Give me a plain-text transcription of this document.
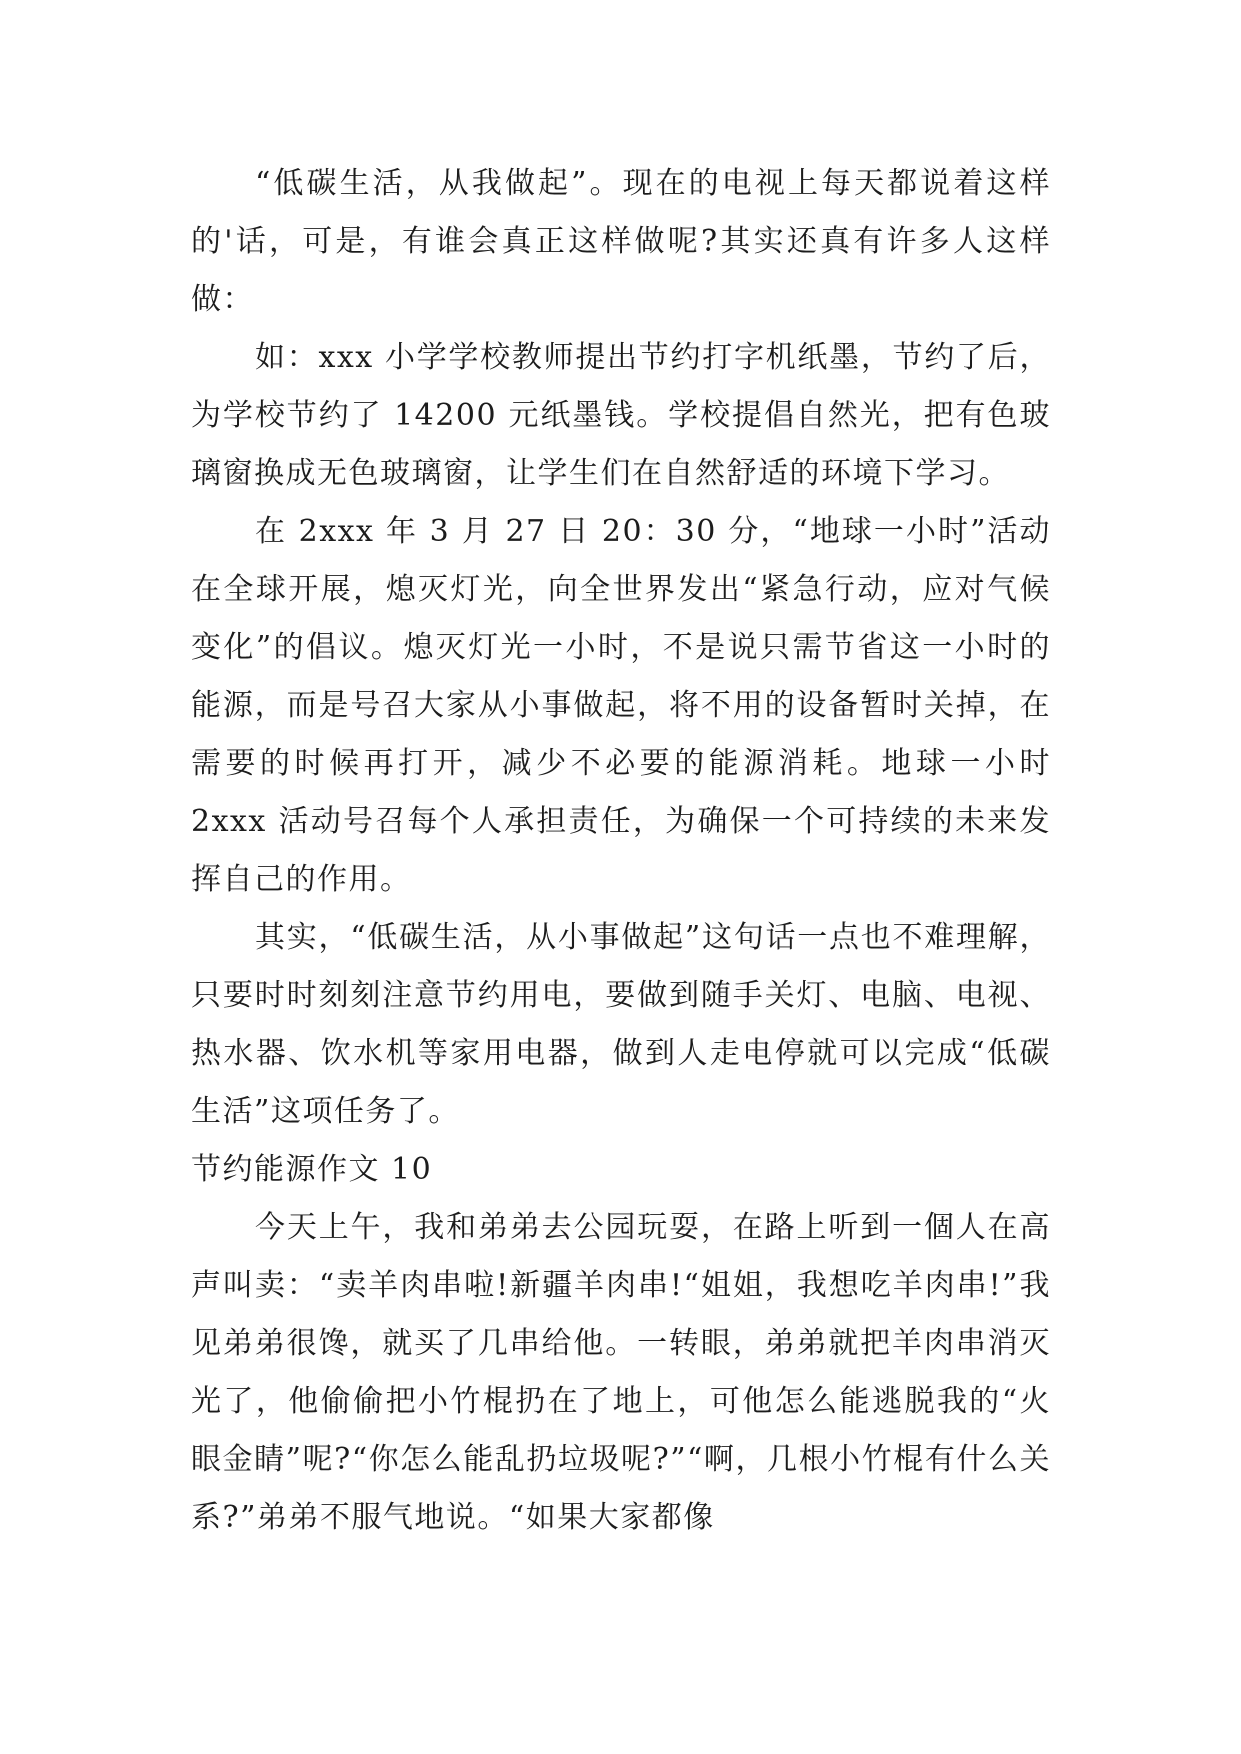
“低碳生活，从我做起”。现在的电视上每天都说着这样的'话，可是，有谁会真正这样做呢?其实还真有许多人这样做：

如：xxx 小学学校教师提出节约打字机纸墨，节约了后，为学校节约了 14200 元纸墨钱。学校提倡自然光，把有色玻璃窗换成无色玻璃窗，让学生们在自然舒适的环境下学习。

在 2xxx 年 3 月 27 日 20：30 分，“地球一小时”活动在全球开展，熄灭灯光，向全世界发出“紧急行动，应对气候变化”的倡议。熄灭灯光一小时，不是说只需节省这一小时的能源，而是号召大家从小事做起，将不用的设备暂时关掉，在需要的时候再打开，减少不必要的能源消耗。地球一小时 2xxx 活动号召每个人承担责任，为确保一个可持续的未来发挥自己的作用。

其实，“低碳生活，从小事做起”这句话一点也不难理解，只要时时刻刻注意节约用电，要做到随手关灯、电脑、电视、热水器、饮水机等家用电器，做到人走电停就可以完成“低碳生活”这项任务了。

节约能源作文 10

今天上午，我和弟弟去公园玩耍，在路上听到一個人在高声叫卖：“卖羊肉串啦!新疆羊肉串!“姐姐，我想吃羊肉串!”我见弟弟很馋，就买了几串给他。一转眼，弟弟就把羊肉串消灭光了，他偷偷把小竹棍扔在了地上，可他怎么能逃脱我的“火眼金睛”呢?“你怎么能乱扔垃圾呢?”“啊，几根小竹棍有什么关系?”弟弟不服气地说。“如果大家都像
